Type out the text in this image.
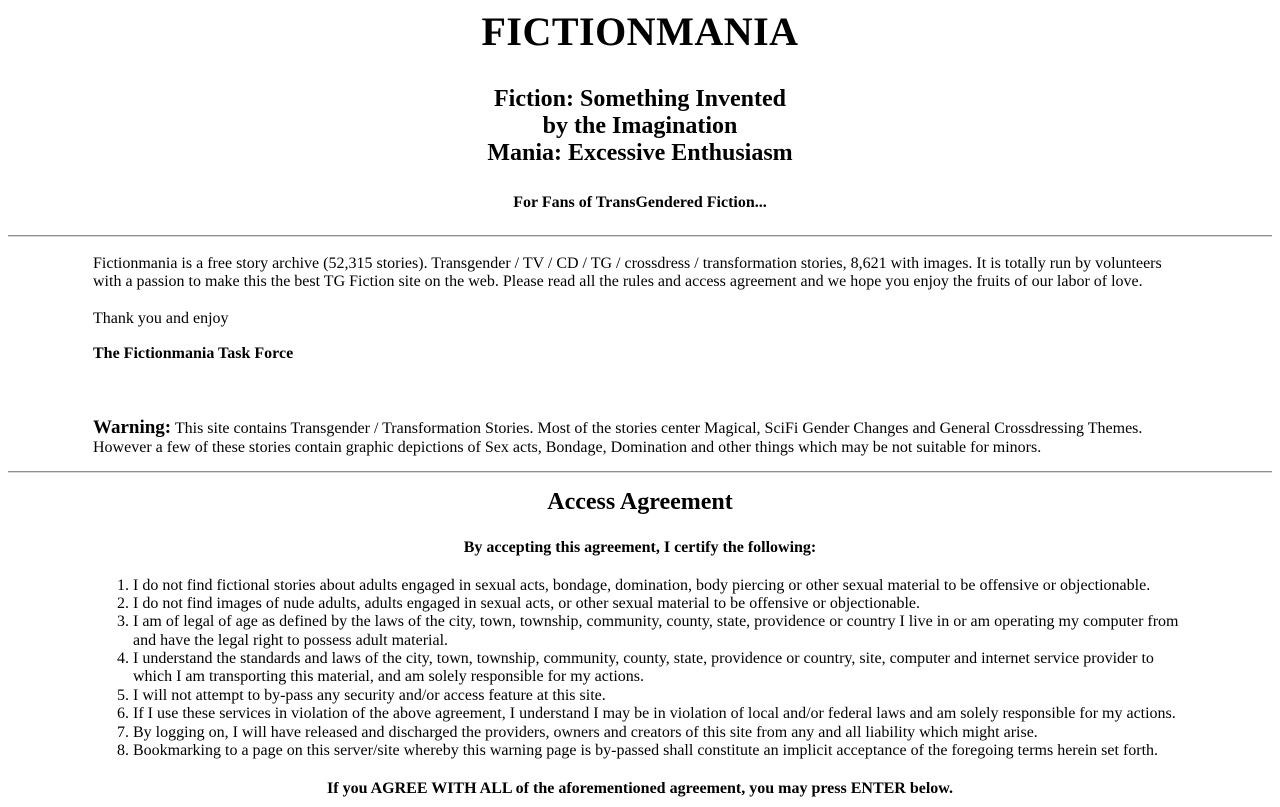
FICTIONMANIA
Fiction: Something Invented
by the Imagination
Mania: Excessive Enthusiasm
For Fans of TransGendered Fiction...

Fictionmania is a free story archive (52,315 stories). Transgender / TV / CD / TG / crossdress / transformation stories, 8,621 with images. It is totally run by volunteers with a passion to make this the best TG Fiction site on the web. Please read all the rules and access agreement and we hope you enjoy the fruits of our labor of love.

Thank you and enjoy

The Fictionmania Task Force

Warning: This site contains Transgender / Transformation Stories. Most of the stories center Magical, SciFi Gender Changes and General Crossdressing Themes. However a few of these stories contain graphic depictions of Sex acts, Bondage, Domination and other things which may be not suitable for minors.

Access Agreement
By accepting this agreement, I certify the following:
1. I do not find fictional stories about adults engaged in sexual acts, bondage, domination, body piercing or other sexual material to be offensive or objectionable.
2. I do not find images of nude adults, adults engaged in sexual acts, or other sexual material to be offensive or objectionable.
3. I am of legal of age as defined by the laws of the city, town, township, community, county, state, providence or country I live in or am operating my computer from and have the legal right to possess adult material.
4. I understand the standards and laws of the city, town, township, community, county, state, providence or country, site, computer and internet service provider to which I am transporting this material, and am solely responsible for my actions.
5. I will not attempt to by-pass any security and/or access feature at this site.
6. If I use these services in violation of the above agreement, I understand I may be in violation of local and/or federal laws and am solely responsible for my actions.
7. By logging on, I will have released and discharged the providers, owners and creators of this site from any and all liability which might arise.
8. Bookmarking to a page on this server/site whereby this warning page is by-passed shall constitute an implicit acceptance of the foregoing terms herein set forth.
If you AGREE WITH ALL of the aforementioned agreement, you may press ENTER below.
